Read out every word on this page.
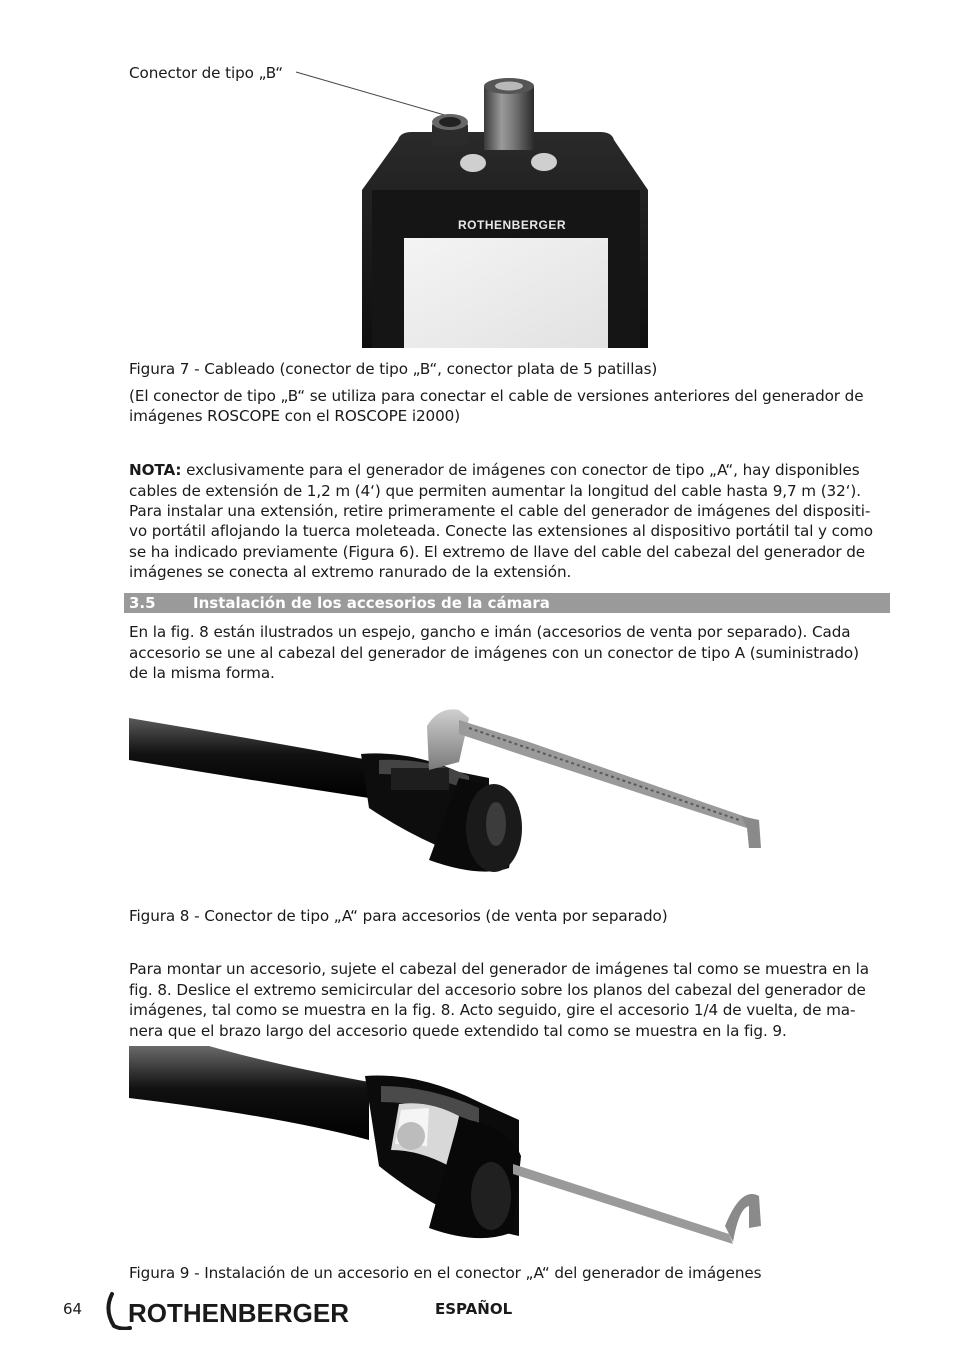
Conector de tipo „B“
ROTHENBERGER
Figura 7 - Cableado (conector de tipo „B“, conector plata de 5 patillas)
(El conector de tipo „B“ se utiliza para conectar el cable de versiones anteriores del generador de
imágenes ROSCOPE con el ROSCOPE i2000)
NOTA: exclusivamente para el generador de imágenes con conector de tipo „A“, hay disponibles
cables de extensión de 1,2 m (4‘) que permiten aumentar la longitud del cable hasta 9,7 m (32‘).
Para instalar una extensión, retire primeramente el cable del generador de imágenes del dispositi-
vo portátil aflojando la tuerca moleteada. Conecte las extensiones al dispositivo portátil tal y como
se ha indicado previamente (Figura 6). El extremo de llave del cable del cabezal del generador de
imágenes se conecta al extremo ranurado de la extensión.
3.5 Instalación de los accesorios de la cámara
En la fig. 8 están ilustrados un espejo, gancho e imán (accesorios de venta por separado). Cada
accesorio se une al cabezal del generador de imágenes con un conector de tipo A (suministrado)
de la misma forma.
Figura 8 - Conector de tipo „A“ para accesorios (de venta por separado)
Para montar un accesorio, sujete el cabezal del generador de imágenes tal como se muestra en la
fig. 8. Deslice el extremo semicircular del accesorio sobre los planos del cabezal del generador de
imágenes, tal como se muestra en la fig. 8. Acto seguido, gire el accesorio 1/4 de vuelta, de ma-
nera que el brazo largo del accesorio quede extendido tal como se muestra en la fig. 9.
Figura 9 - Instalación de un accesorio en el conector „A“ del generador de imágenes
64 ROTHENBERGER	ESPAÑOL
